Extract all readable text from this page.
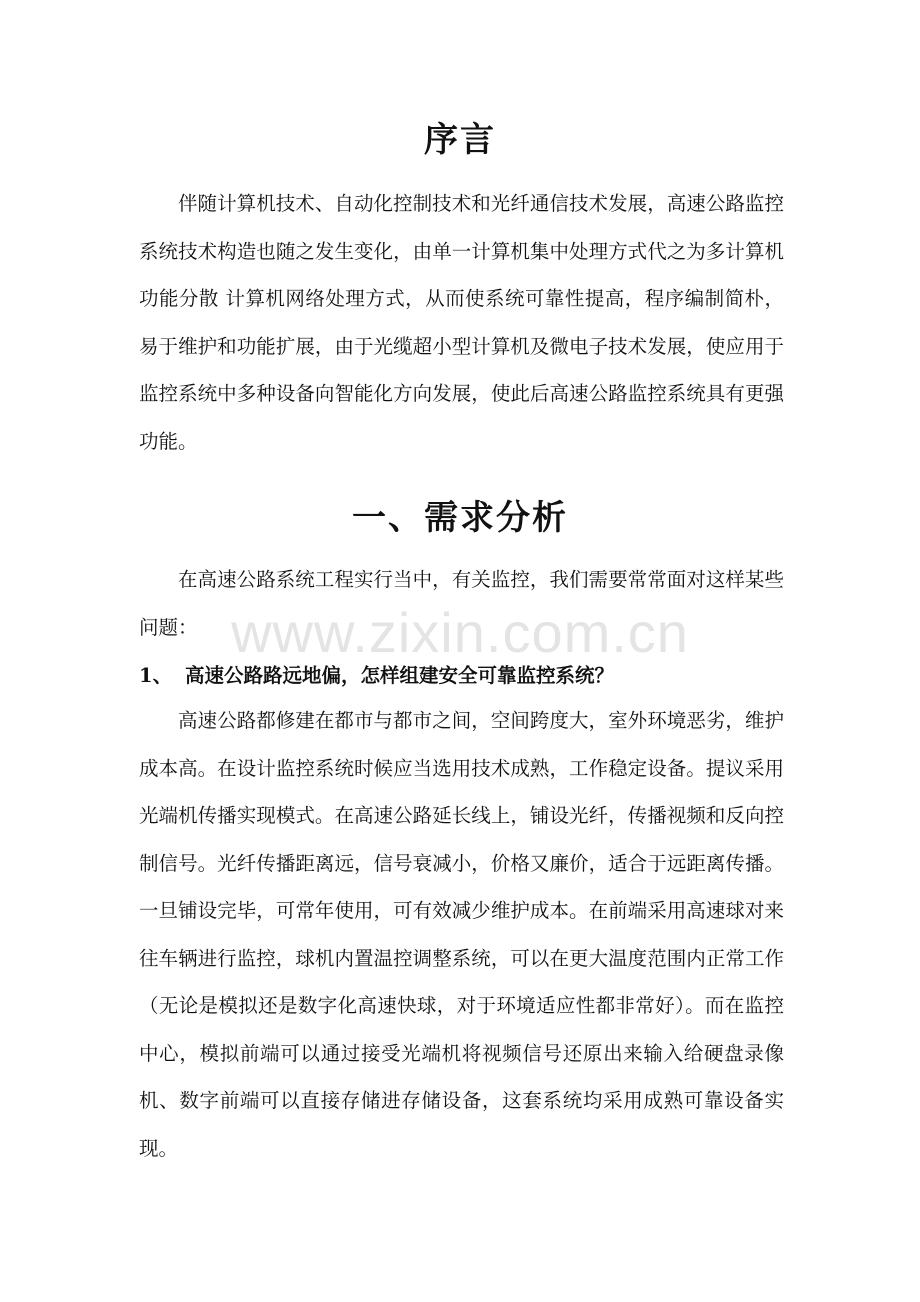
序言

伴随计算机技术、自动化控制技术和光纤通信技术发展，高速公路监控系统技术构造也随之发生变化，由单一计算机集中处理方式代之为多计算机功能分散 计算机网络处理方式，从而使系统可靠性提高，程序编制简朴，易于维护和功能扩展，由于光缆超小型计算机及微电子技术发展，使应用于监控系统中多种设备向智能化方向发展，使此后高速公路监控系统具有更强功能。

一、需求分析

在高速公路系统工程实行当中，有关监控，我们需要常常面对这样某些问题： www.zixin.com.cn
1、 高速公路路远地偏，怎样组建安全可靠监控系统？

高速公路都修建在都市与都市之间，空间跨度大，室外环境恶劣，维护成本高。在设计监控系统时候应当选用技术成熟，工作稳定设备。提议采用光端机传播实现模式。在高速公路延长线上，铺设光纤，传播视频和反向控制信号。光纤传播距离远，信号衰减小，价格又廉价，适合于远距离传播。一旦铺设完毕，可常年使用，可有效减少维护成本。在前端采用高速球对来往车辆进行监控，球机内置温控调整系统，可以在更大温度范围内正常工作（无论是模拟还是数字化高速快球，对于环境适应性都非常好）。而在监控中心，模拟前端可以通过接受光端机将视频信号还原出来输入给硬盘录像机、数字前端可以直接存储进存储设备，这套系统均采用成熟可靠设备实现。
